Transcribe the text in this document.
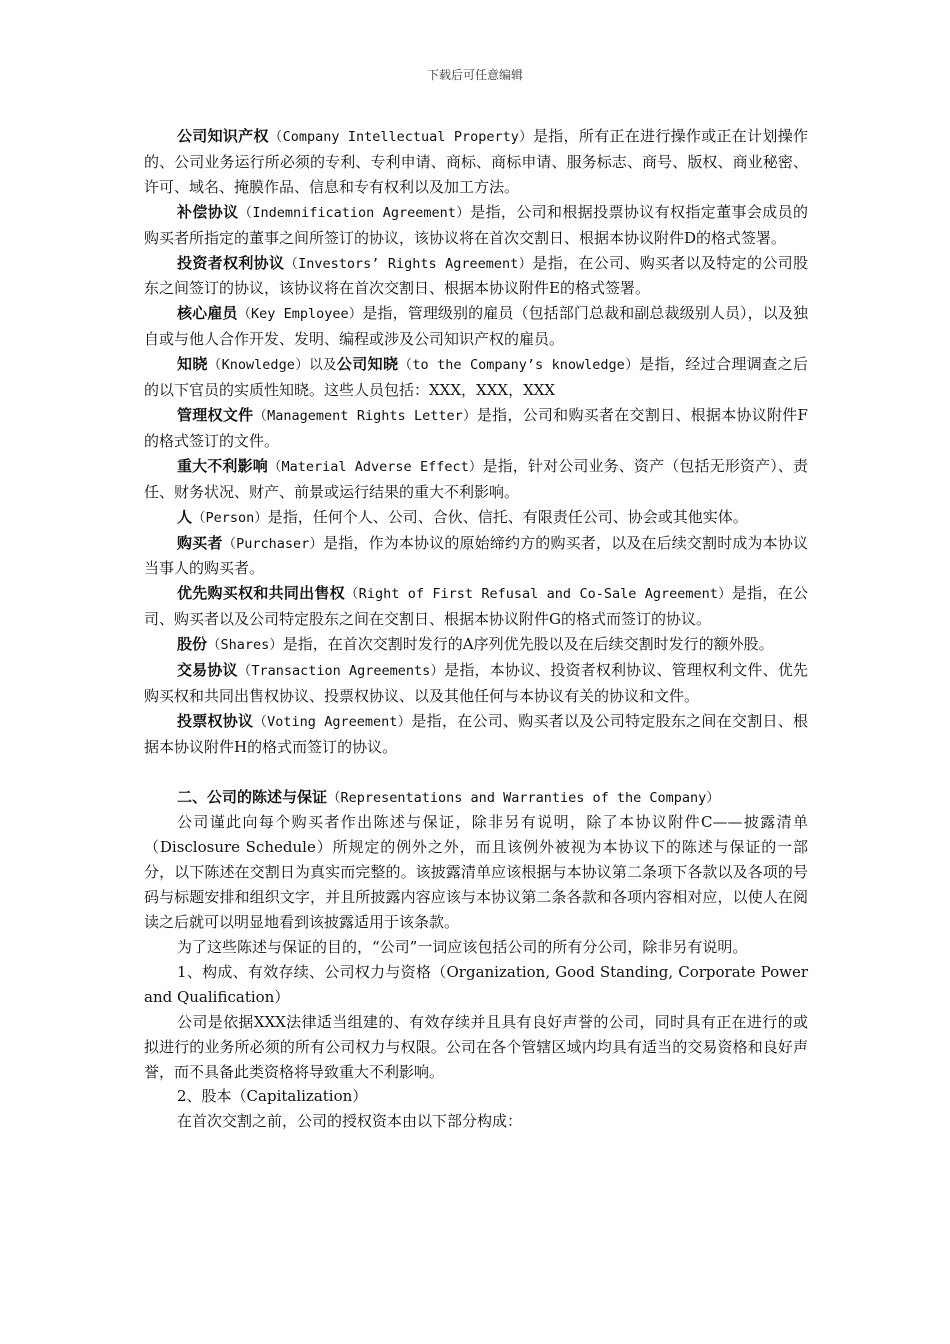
下载后可任意编辑

公司知识产权（Company Intellectual Property）是指，所有正在进行操作或正在计划操作的、公司业务运行所必须的专利、专利申请、商标、商标申请、服务标志、商号、版权、商业秘密、许可、域名、掩膜作品、信息和专有权利以及加工方法。

补偿协议（Indemnification Agreement）是指，公司和根据投票协议有权指定董事会成员的购买者所指定的董事之间所签订的协议，该协议将在首次交割日、根据本协议附件D的格式签署。

投资者权利协议（Investors’ Rights Agreement）是指，在公司、购买者以及特定的公司股东之间签订的协议，该协议将在首次交割日、根据本协议附件E的格式签署。

核心雇员（Key Employee）是指，管理级别的雇员（包括部门总裁和副总裁级别人员），以及独自或与他人合作开发、发明、编程或涉及公司知识产权的雇员。

知晓（Knowledge）以及公司知晓（to the Company’s knowledge）是指，经过合理调查之后的以下官员的实质性知晓。这些人员包括：XXX，XXX，XXX

管理权文件（Management Rights Letter）是指，公司和购买者在交割日、根据本协议附件F的格式签订的文件。

重大不利影响（Material Adverse Effect）是指，针对公司业务、资产（包括无形资产）、责任、财务状况、财产、前景或运行结果的重大不利影响。

人（Person）是指，任何个人、公司、合伙、信托、有限责任公司、协会或其他实体。

购买者（Purchaser）是指，作为本协议的原始缔约方的购买者，以及在后续交割时成为本协议当事人的购买者。

优先购买权和共同出售权（Right of First Refusal and Co-Sale Agreement）是指，在公司、购买者以及公司特定股东之间在交割日、根据本协议附件G的格式而签订的协议。

股份（Shares）是指，在首次交割时发行的A序列优先股以及在后续交割时发行的额外股。

交易协议（Transaction Agreements）是指，本协议、投资者权利协议、管理权利文件、优先购买权和共同出售权协议、投票权协议、以及其他任何与本协议有关的协议和文件。

投票权协议（Voting Agreement）是指，在公司、购买者以及公司特定股东之间在交割日、根据本协议附件H的格式而签订的协议。

二、公司的陈述与保证（Representations and Warranties of the Company）

公司谨此向每个购买者作出陈述与保证，除非另有说明，除了本协议附件C——披露清单（Disclosure Schedule）所规定的例外之外，而且该例外被视为本协议下的陈述与保证的一部分，以下陈述在交割日为真实而完整的。该披露清单应该根据与本协议第二条项下各款以及各项的号码与标题安排和组织文字，并且所披露内容应该与本协议第二条各款和各项内容相对应，以使人在阅读之后就可以明显地看到该披露适用于该条款。

为了这些陈述与保证的目的，“公司”一词应该包括公司的所有分公司，除非另有说明。

1、构成、有效存续、公司权力与资格（Organization, Good Standing, Corporate Power and Qualification）

公司是依据XXX法律适当组建的、有效存续并且具有良好声誉的公司，同时具有正在进行的或拟进行的业务所必须的所有公司权力与权限。公司在各个管辖区域内均具有适当的交易资格和良好声誉，而不具备此类资格将导致重大不利影响。

2、股本（Capitalization）

在首次交割之前，公司的授权资本由以下部分构成：
